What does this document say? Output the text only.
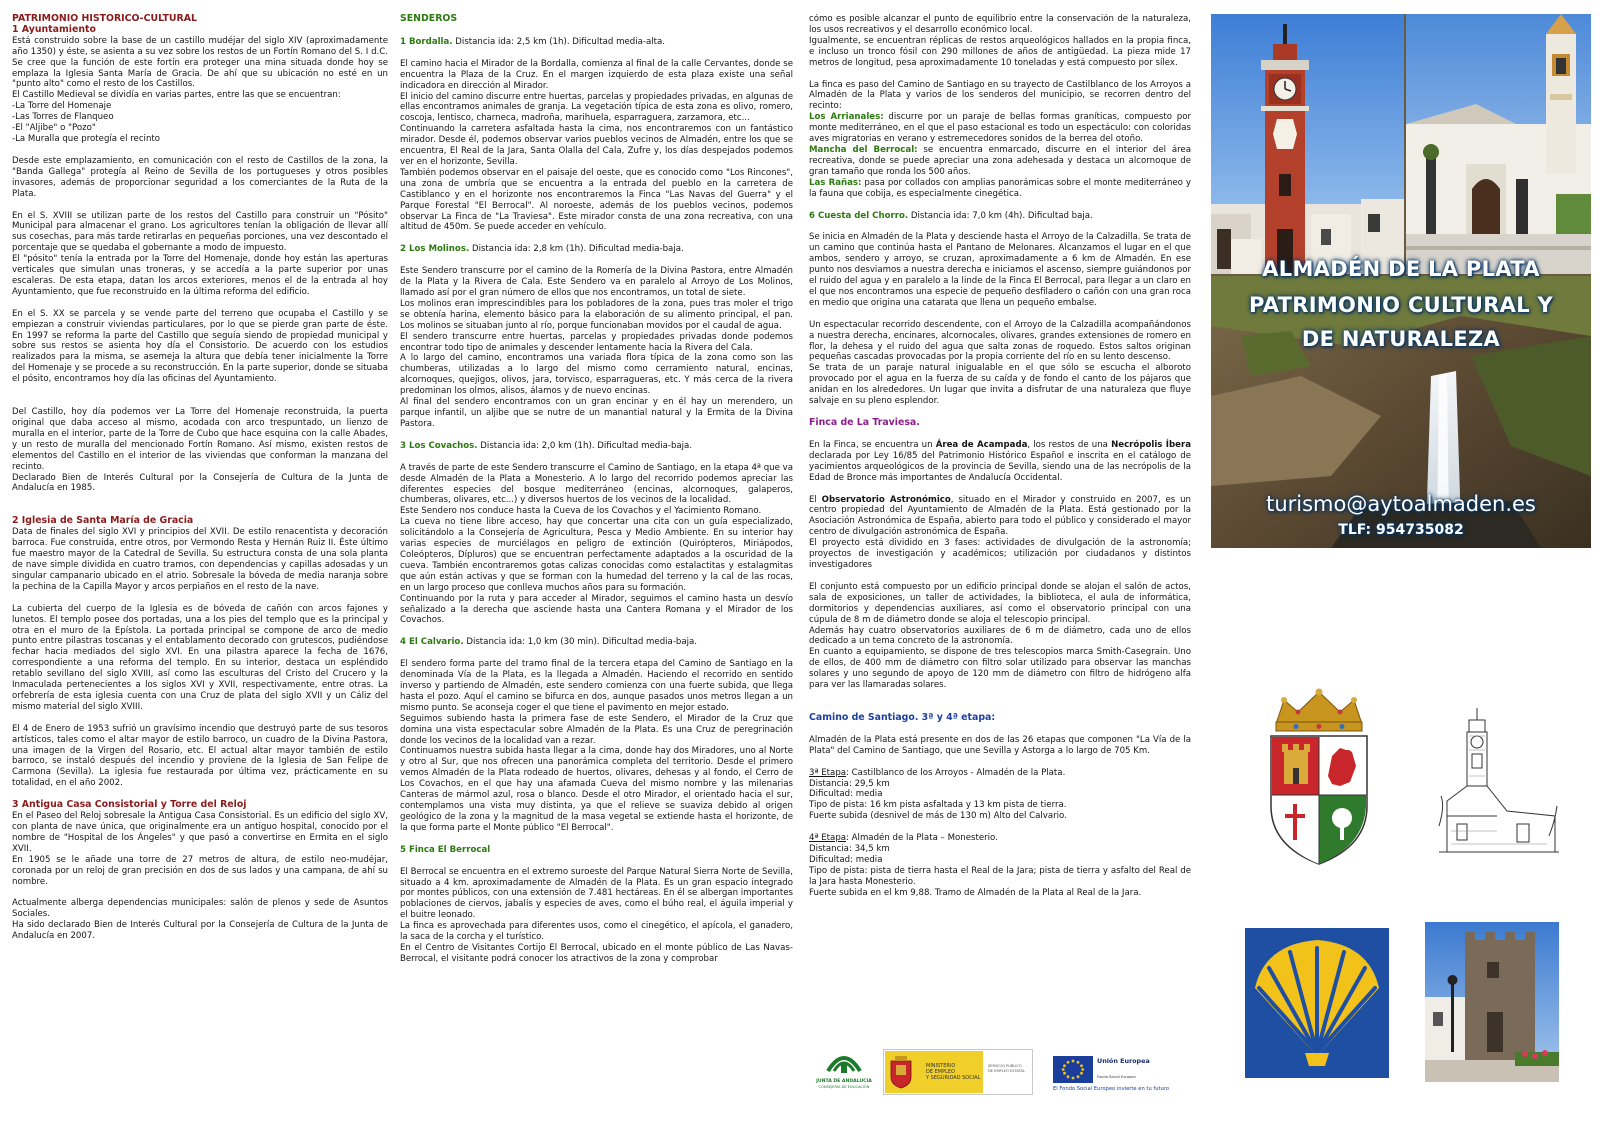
PATRIMONIO HISTÓRICO-CULTURAL

1 Ayuntamiento

Está construido sobre la base de un castillo mudéjar del siglo XIV (aproximadamente año 1350) y éste, se asienta a su vez sobre los restos de un Fortín Romano del S. I d.C. Se cree que la función de este fortín era proteger una mina situada donde hoy se emplaza la Iglesia Santa María de Gracia. De ahí que su ubicación no esté en un "punto alto" como el resto de los Castillos.

El Castillo Medieval se dividía en varias partes, entre las que se encuentran:

-La Torre del Homenaje

-Las Torres de Flanqueo

-El "Aljibe" o "Pozo"

-La Muralla que protegía el recinto

Desde este emplazamiento, en comunicación con el resto de Castillos de la zona, la "Banda Gallega" protegía al Reino de Sevilla de los portugueses y otros posibles invasores, además de proporcionar seguridad a los comerciantes de la Ruta de la Plata.

En el S. XVIII se utilizan parte de los restos del Castillo para construir un "Pósito" Municipal para almacenar el grano. Los agricultores tenían la obligación de llevar allí sus cosechas, para más tarde retirarlas en pequeñas porciones, una vez descontado el porcentaje que se quedaba el gobernante a modo de impuesto.

El "pósito" tenía la entrada por la Torre del Homenaje, donde hoy están las aperturas verticales que simulan unas troneras, y se accedía a la parte superior por unas escaleras. De esta etapa, datan los arcos exteriores, menos el de la entrada al hoy Ayuntamiento, que fue reconstruido en la última reforma del edificio.

En el S. XX se parcela y se vende parte del terreno que ocupaba el Castillo y se empiezan a construir viviendas particulares, por lo que se pierde gran parte de éste. En 1997 se reforma la parte del Castillo que seguía siendo de propiedad municipal y sobre sus restos se asienta hoy día el Consistorio. De acuerdo con los estudios realizados para la misma, se asemeja la altura que debía tener inicialmente la Torre del Homenaje y se procede a su reconstrucción. En la parte superior, donde se situaba el pósito, encontramos hoy día las oficinas del Ayuntamiento.

Del Castillo, hoy día podemos ver La Torre del Homenaje reconstruida, la puerta original que daba acceso al mismo, acodada con arco trespuntado, un lienzo de muralla en el interior, parte de la Torre de Cubo que hace esquina con la calle Abades, y un resto de muralla del mencionado Fortín Romano. Así mismo, existen restos de elementos del Castillo en el interior de las viviendas que conforman la manzana del recinto.

Declarado Bien de Interés Cultural por la Consejería de Cultura de la Junta de Andalucía en 1985.

2 Iglesia de Santa María de Gracia

Data de finales del siglo XVI y principios del XVII. De estilo renacentista y decoración barroca. Fue construida, entre otros, por Vermondo Resta y Hernán Ruiz II. Éste último fue maestro mayor de la Catedral de Sevilla. Su estructura consta de una sola planta de nave simple dividida en cuatro tramos, con dependencias y capillas adosadas y un singular campanario ubicado en el atrio. Sobresale la bóveda de media naranja sobre la pechina de la Capilla Mayor y arcos perpiaños en el resto de la nave.

La cubierta del cuerpo de la Iglesia es de bóveda de cañón con arcos fajones y lunetos. El templo posee dos portadas, una a los pies del templo que es la principal y otra en el muro de la Epístola. La portada principal se compone de arco de medio punto entre pilastras toscanas y el entablamento decorado con grutescos, pudiéndose fechar hacia mediados del siglo XVI. En una pilastra aparece la fecha de 1676, correspondiente a una reforma del templo. En su interior, destaca un espléndido retablo sevillano del siglo XVIII, así como las esculturas del Cristo del Crucero y la Inmaculada pertenecientes a los siglos XVI y XVII, respectivamente, entre otras. La orfebrería de esta iglesia cuenta con una Cruz de plata del siglo XVII y un Cáliz del mismo material del siglo XVIII.

El 4 de Enero de 1953 sufrió un gravísimo incendio que destruyó parte de sus tesoros artísticos, tales como el altar mayor de estilo barroco, un cuadro de la Divina Pastora, una imagen de la Virgen del Rosario, etc. El actual altar mayor también de estilo barroco, se instaló después del incendio y proviene de la Iglesia de San Felipe de Carmona (Sevilla). La iglesia fue restaurada por última vez, prácticamente en su totalidad, en el año 2002.

3 Antigua Casa Consistorial y Torre del Reloj

En el Paseo del Reloj sobresale la Antigua Casa Consistorial. Es un edificio del siglo XV, con planta de nave única, que originalmente era un antiguo hospital, conocido por el nombre de "Hospital de los Ángeles" y que pasó a convertirse en Ermita en el siglo XVII.

En 1905 se le añade una torre de 27 metros de altura, de estilo neo-mudéjar, coronada por un reloj de gran precisión en dos de sus lados y una campana, de ahí su nombre.

Actualmente alberga dependencias municipales: salón de plenos y sede de Asuntos Sociales.

Ha sido declarado Bien de Interés Cultural por la Consejería de Cultura de la Junta de Andalucía en 2007.

SENDEROS

1 Bordalla. Distancia ida: 2,5 km (1h). Dificultad media-alta.

El camino hacia el Mirador de la Bordalla, comienza al final de la calle Cervantes, donde se encuentra la Plaza de la Cruz. En el margen izquierdo de esta plaza existe una señal indicadora en dirección al Mirador.

El inicio del camino discurre entre huertas, parcelas y propiedades privadas, en algunas de ellas encontramos animales de granja. La vegetación típica de esta zona es olivo, romero, coscoja, lentisco, charneca, madroña, marihuela, esparraguera, zarzamora, etc...

Continuando la carretera asfaltada hasta la cima, nos encontraremos con un fantástico mirador. Desde él, podemos observar varios pueblos vecinos de Almadén, entre los que se encuentra, El Real de la Jara, Santa Olalla del Cala, Zufre y, los días despejados podemos ver en el horizonte, Sevilla.

También podemos observar en el paisaje del oeste, que es conocido como "Los Rincones", una zona de umbría que se encuentra a la entrada del pueblo en la carretera de Castiblanco y en el horizonte nos encontraremos la Finca "Las Navas del Guerra" y el Parque Forestal "El Berrocal". Al noroeste, además de los pueblos vecinos, podemos observar La Finca de "La Traviesa". Este mirador consta de una zona recreativa, con una altitud de 450m. Se puede acceder en vehículo.

2 Los Molinos. Distancia ida: 2,8 km (1h). Dificultad media-baja.

Este Sendero transcurre por el camino de la Romería de la Divina Pastora, entre Almadén de la Plata y la Rivera de Cala. Este Sendero va en paralelo al Arroyo de Los Molinos, llamado así por el gran número de ellos que nos encontramos, un total de siete.

Los molinos eran imprescindibles para los pobladores de la zona, pues tras moler el trigo se obtenía harina, elemento básico para la elaboración de su alimento principal, el pan. Los molinos se situaban junto al río, porque funcionaban movidos por el caudal de agua.

El sendero transcurre entre huertas, parcelas y propiedades privadas donde podemos encontrar todo tipo de animales y descender lentamente hacia la Rivera del Cala.

A lo largo del camino, encontramos una variada flora típica de la zona como son las chumberas, utilizadas a lo largo del mismo como cerramiento natural, encinas, alcornoques, quejigos, olivos, jara, torvisco, esparragueras, etc. Y más cerca de la rivera predominan los olmos, alisos, álamos y de nuevo encinas.

Al final del sendero encontramos con un gran encinar y en él hay un merendero, un parque infantil, un aljibe que se nutre de un manantial natural y la Ermita de la Divina Pastora.

3 Los Covachos. Distancia ida: 2,0 km (1h). Dificultad media-baja.

A través de parte de este Sendero transcurre el Camino de Santiago, en la etapa 4ª que va desde Almadén de la Plata a Monesterio. A lo largo del recorrido podemos apreciar las diferentes especies del bosque mediterráneo (encinas, alcornoques, galaperos, chumberas, olivares, etc...) y diversos huertos de los vecinos de la localidad.

Este Sendero nos conduce hasta la Cueva de los Covachos y el Yacimiento Romano.

La cueva no tiene libre acceso, hay que concertar una cita con un guía especializado, solicitándolo a la Consejería de Agricultura, Pesca y Medio Ambiente. En su interior hay varias especies de murciélagos en peligro de extinción (Quirópteros, Miriápodos, Coleópteros, Dípluros) que se encuentran perfectamente adaptados a la oscuridad de la cueva. También encontraremos gotas calizas conocidas como estalactitas y estalagmitas que aún están activas y que se forman con la humedad del terreno y la cal de las rocas, en un largo proceso que conlleva muchos años para su formación.

Continuando por la ruta y para acceder al Mirador, seguimos el camino hasta un desvío señalizado a la derecha que asciende hasta una Cantera Romana y el Mirador de los Covachos.

4 El Calvario. Distancia ida: 1,0 km (30 min). Dificultad media-baja.

El sendero forma parte del tramo final de la tercera etapa del Camino de Santiago en la denominada Vía de la Plata, es la llegada a Almadén. Haciendo el recorrido en sentido inverso y partiendo de Almadén, este sendero comienza con una fuerte subida, que llega hasta el pozo. Aquí el camino se bifurca en dos, aunque pasados unos metros llegan a un mismo punto. Se aconseja coger el que tiene el pavimento en mejor estado.

Seguimos subiendo hasta la primera fase de este Sendero, el Mirador de la Cruz que domina una vista espectacular sobre Almadén de la Plata. Es una Cruz de peregrinación donde los vecinos de la localidad van a rezar.

Continuamos nuestra subida hasta llegar a la cima, donde hay dos Miradores, uno al Norte y otro al Sur, que nos ofrecen una panorámica completa del territorio. Desde el primero vemos Almadén de la Plata rodeado de huertos, olivares, dehesas y al fondo, el Cerro de Los Covachos, en el que hay una afamada Cueva del mismo nombre y las milenarias Canteras de mármol azul, rosa o blanco. Desde el otro Mirador, el orientado hacia el sur, contemplamos una vista muy distinta, ya que el relieve se suaviza debido al origen geológico de la zona y la magnitud de la masa vegetal se extiende hasta el horizonte, de la que forma parte el Monte público "El Berrocal".

5 Finca El Berrocal

El Berrocal se encuentra en el extremo suroeste del Parque Natural Sierra Norte de Sevilla, situado a 4 km. aproximadamente de Almadén de la Plata. Es un gran espacio integrado por montes públicos, con una extensión de 7.481 hectáreas. En él se albergan importantes poblaciones de ciervos, jabalís y especies de aves, como el búho real, el águila imperial y el buitre leonado.

La finca es aprovechada para diferentes usos, como el cinegético, el apícola, el ganadero, la saca de la corcha y el turístico.

En el Centro de Visitantes Cortijo El Berrocal, ubicado en el monte público de Las Navas-Berrocal, el visitante podrá conocer los atractivos de la zona y comprobar

cómo es posible alcanzar el punto de equilibrio entre la conservación de la naturaleza, los usos recreativos y el desarrollo económico local.

Igualmente, se encuentran réplicas de restos arqueológicos hallados en la propia finca, e incluso un tronco fósil con 290 millones de años de antigüedad. La pieza mide 17 metros de longitud, pesa aproximadamente 10 toneladas y está compuesto por sílex.

La finca es paso del Camino de Santiago en su trayecto de Castilblanco de los Arroyos a Almadén de la Plata y varios de los senderos del municipio, se recorren dentro del recinto:

Los Arrianales: discurre por un paraje de bellas formas graníticas, compuesto por monte mediterráneo, en el que el paso estacional es todo un espectáculo: con coloridas aves migratorias en verano y estremecedores sonidos de la berrea del otoño.

Mancha del Berrocal: se encuentra enmarcado, discurre en el interior del área recreativa, donde se puede apreciar una zona adehesada y destaca un alcornoque de gran tamaño que ronda los 500 años.

Las Rañas: pasa por collados con amplias panorámicas sobre el monte mediterráneo y la fauna que cobija, es especialmente cinegética.

6 Cuesta del Chorro. Distancia ida: 7,0 km (4h). Dificultad baja.

Se inicia en Almadén de la Plata y desciende hasta el Arroyo de la Calzadilla. Se trata de un camino que continúa hasta el Pantano de Melonares. Alcanzamos el lugar en el que ambos, sendero y arroyo, se cruzan, aproximadamente a 6 km de Almadén. En ese punto nos desviamos a nuestra derecha e iniciamos el ascenso, siempre guiándonos por el ruido del agua y en paralelo a la linde de la Finca El Berrocal, para llegar a un claro en el que nos encontramos una especie de pequeño desfiladero o cañón con una gran roca en medio que origina una catarata que llena un pequeño embalse.

Un espectacular recorrido descendente, con el Arroyo de la Calzadilla acompañándonos a nuestra derecha, encinares, alcornocales, olivares, grandes extensiones de romero en flor, la dehesa y el ruido del agua que salta zonas de roquedo. Estos saltos originan pequeñas cascadas provocadas por la propia corriente del río en su lento descenso.

Se trata de un paraje natural inigualable en el que sólo se escucha el alboroto provocado por el agua en la fuerza de su caída y de fondo el canto de los pájaros que anidan en los alrededores. Un lugar que invita a disfrutar de una naturaleza que fluye salvaje en su pleno esplendor.

Finca de La Traviesa.

En la Finca, se encuentra un Área de Acampada, los restos de una Necrópolis Íbera declarada por Ley 16/85 del Patrimonio Histórico Español e inscrita en el catálogo de yacimientos arqueológicos de la provincia de Sevilla, siendo una de las necrópolis de la Edad de Bronce más importantes de Andalucía Occidental.

El Observatorio Astronómico, situado en el Mirador y construido en 2007, es un centro propiedad del Ayuntamiento de Almadén de la Plata. Está gestionado por la Asociación Astronómica de España, abierto para todo el público y considerado el mayor centro de divulgación astronómica de España.

El proyecto está dividido en 3 fases: actividades de divulgación de la astronomía; proyectos de investigación y académicos; utilización por ciudadanos y distintos investigadores

El conjunto está compuesto por un edificio principal donde se alojan el salón de actos, sala de exposiciones, un taller de actividades, la biblioteca, el aula de informática, dormitorios y dependencias auxiliares, así como el observatorio principal con una cúpula de 8 m de diámetro donde se aloja el telescopio principal.

Además hay cuatro observatorios auxiliares de 6 m de diámetro, cada uno de ellos dedicado a un tema concreto de la astronomía.

En cuanto a equipamiento, se dispone de tres telescopios marca Smith-Casegrain. Uno de ellos, de 400 mm de diámetro con filtro solar utilizado para observar las manchas solares y uno segundo de apoyo de 120 mm de diámetro con filtro de hidrógeno alfa para ver las llamaradas solares.

Camino de Santiago. 3ª y 4ª etapa:

Almadén de la Plata está presente en dos de las 26 etapas que componen "La Vía de la Plata" del Camino de Santiago, que une Sevilla y Astorga a lo largo de 705 Km.

3ª Etapa: Castilblanco de los Arroyos - Almadén de la Plata.

Distancia: 29,5 km

Dificultad: media

Tipo de pista: 16 km pista asfaltada y 13 km pista de tierra.

Fuerte subida (desnivel de más de 130 m) Alto del Calvario.

4ª Etapa: Almadén de la Plata – Monesterio.

Distancia: 34,5 km

Dificultad: media

Tipo de pista: pista de tierra hasta el Real de la Jara; pista de tierra y asfalto del Real de la Jara hasta Monesterio.

Fuerte subida en el km 9,88. Tramo de Almadén de la Plata al Real de la Jara.

ALMADÉN DE LA PLATA
PATRIMONIO CULTURAL Y
DE NATURALEZA
turismo@aytoalmaden.es
TLF: 954735082
JUNTA DE ANDALUCIA
CONSEJERÍA DE EDUCACIÓN
MINISTERIO
DE EMPLEO
Y SEGURIDAD SOCIAL
SERVICIO PÚBLICO
DE EMPLEO ESTATAL
Unión Europea
Fondo Social Europeo
El Fondo Social Europeo invierte en tu futuro
